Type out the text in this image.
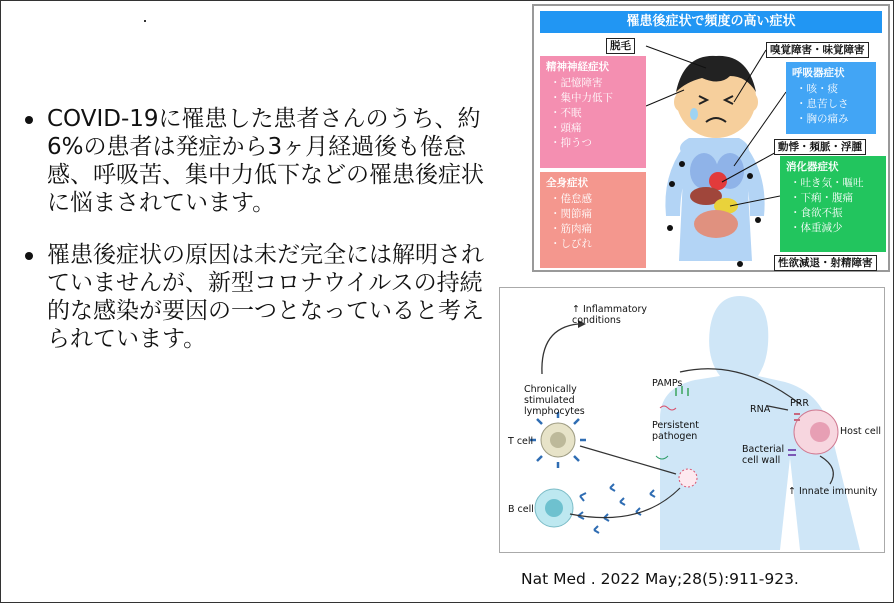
COVID-19に罹患した患者さんのうち、約6%の患者は発症から3ヶ月経過後も倦怠感、呼吸苦、集中力低下などの罹患後症状に悩まされています。
罹患後症状の原因は未だ完全には解明されていませんが、新型コロナウイルスの持続的な感染が要因の一つとなっていると考えられています。
罹患後症状で頻度の高い症状
脱毛	嗅覚障害・味覚障害
動悸・頻脈・浮腫
性欲減退・射精障害
精神神経症状
・記憶障害
・集中力低下
・不眠
・頭痛
・抑うつ
全身症状
・倦怠感
・関節痛
・筋肉痛
・しびれ
呼吸器症状
・咳・痰
・息苦しさ
・胸の痛み
消化器症状
・吐き気・嘔吐
・下痢・腹痛
・食欲不振
・体重減少
↑ Inflammatory
conditions
Chronically
stimulated
lymphocytes
T cell
B cell
PAMPs
Persistent
pathogen
RNA
PRR
Host cell
Bacterial
cell wall
↑ Innate immunity
Nat Med . 2022 May;28(5):911-923.
